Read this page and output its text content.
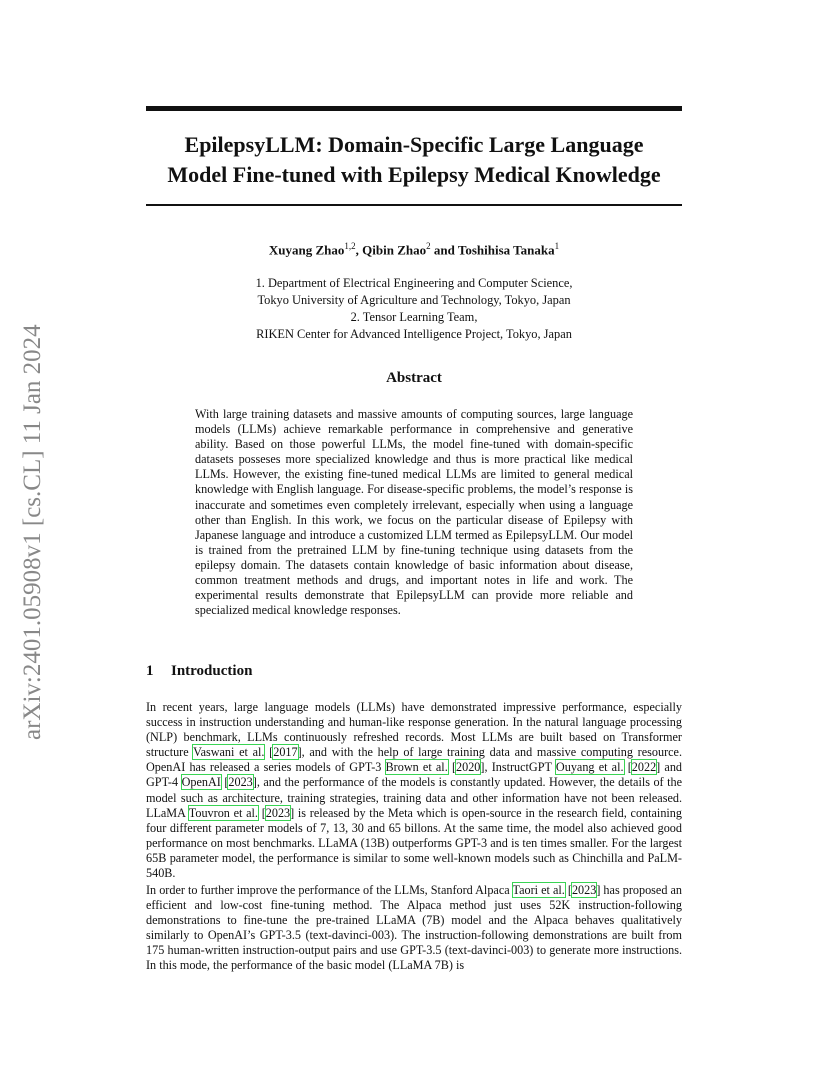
arXiv:2401.05908v1 [cs.CL] 11 Jan 2024
EpilepsyLLM: Domain-Specific Large Language
Model Fine-tuned with Epilepsy Medical Knowledge
Xuyang Zhao$^{1,2}$, Qibin Zhao$^2$ and Toshihisa Tanaka$^1$
1. Department of Electrical Engineering and Computer Science,
Tokyo University of Agriculture and Technology, Tokyo, Japan
2. Tensor Learning Team,
RIKEN Center for Advanced Intelligence Project, Tokyo, Japan
Abstract

With large training datasets and massive amounts of computing sources, large language models (LLMs) achieve remarkable performance in comprehensive and generative ability. Based on those powerful LLMs, the model fine-tuned with domain-specific datasets posseses more specialized knowledge and thus is more practical like medical LLMs. However, the existing fine-tuned medical LLMs are limited to general medical knowledge with English language. For disease-specific problems, the model’s response is inaccurate and sometimes even completely irrelevant, especially when using a language other than English. In this work, we focus on the particular disease of Epilepsy with Japanese language and introduce a customized LLM termed as EpilepsyLLM. Our model is trained from the pretrained LLM by fine-tuning technique using datasets from the epilepsy domain. The datasets contain knowledge of basic information about disease, common treatment methods and drugs, and important notes in life and work. The experimental results demonstrate that EpilepsyLLM can provide more reliable and specialized medical knowledge responses.

1 Introduction

In recent years, large language models (LLMs) have demonstrated impressive performance, especially success in instruction understanding and human-like response generation. In the natural language processing (NLP) benchmark, LLMs continuously refreshed records. Most LLMs are built based on Transformer structure Vaswani et al. [2017], and with the help of large training data and massive computing resource. OpenAI has released a series models of GPT-3 Brown et al. [2020], InstructGPT Ouyang et al. [2022] and GPT-4 OpenAI [2023], and the performance of the models is constantly updated. However, the details of the model such as architecture, training strategies, training data and other information have not been released. LLaMA Touvron et al. [2023] is released by the Meta which is open-source in the research field, containing four different parameter models of 7, 13, 30 and 65 billons. At the same time, the model also achieved good performance on most benchmarks. LLaMA (13B) outperforms GPT-3 and is ten times smaller. For the largest 65B parameter model, the performance is similar to some well-known models such as Chinchilla and PaLM-540B.

In order to further improve the performance of the LLMs, Stanford Alpaca Taori et al. [2023] has proposed an efficient and low-cost fine-tuning method. The Alpaca method just uses 52K instruction-following demonstrations to fine-tune the pre-trained LLaMA (7B) model and the Alpaca behaves qualitatively similarly to OpenAI’s GPT-3.5 (text-davinci-003). The instruction-following demonstrations are built from 175 human-written instruction-output pairs and use GPT-3.5 (text-davinci-003) to generate more instructions. In this mode, the performance of the basic model (LLaMA 7B) is
